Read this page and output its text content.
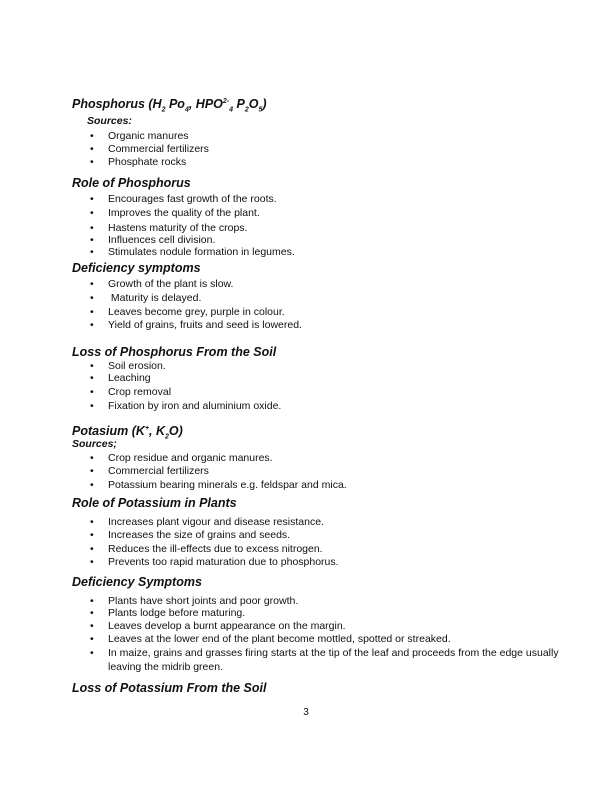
Phosphorus ($H_2$ $Po_4$, $HPO^{2-}_4$ $P_2O_5$)
Sources:
• Organic manures
• Commercial fertilizers
• Phosphate rocks
Role of Phosphorus
• Encourages fast growth of the roots.
• Improves the quality of the plant.
• Hastens maturity of the crops.
• Influences cell division.
• Stimulates nodule formation in legumes.
Deficiency symptoms
• Growth of the plant is slow.
• Maturity is delayed.
• Leaves become grey, purple in colour.
• Yield of grains, fruits and seed is lowered.
Loss of Phosphorus From the Soil
• Soil erosion.
• Leaching
• Crop removal
• Fixation by iron and aluminium oxide.
Potasium (K+, $K_2O$)
Sources;
• Crop residue and organic manures.
• Commercial fertilizers
• Potassium bearing minerals e.g. feldspar and mica.
Role of Potassium in Plants
• Increases plant vigour and disease resistance.
• Increases the size of grains and seeds.
• Reduces the ill-effects due to excess nitrogen.
• Prevents too rapid maturation due to phosphorus.
Deficiency Symptoms
• Plants have short joints and poor growth.
• Plants lodge before maturing.
• Leaves develop a burnt appearance on the margin.
• Leaves at the lower end of the plant become mottled, spotted or streaked.
•	In maize, grains and grasses firing starts at the tip of the leaf and proceeds from the edge usually leaving the midrib green.
Loss of Potassium From the Soil
3
